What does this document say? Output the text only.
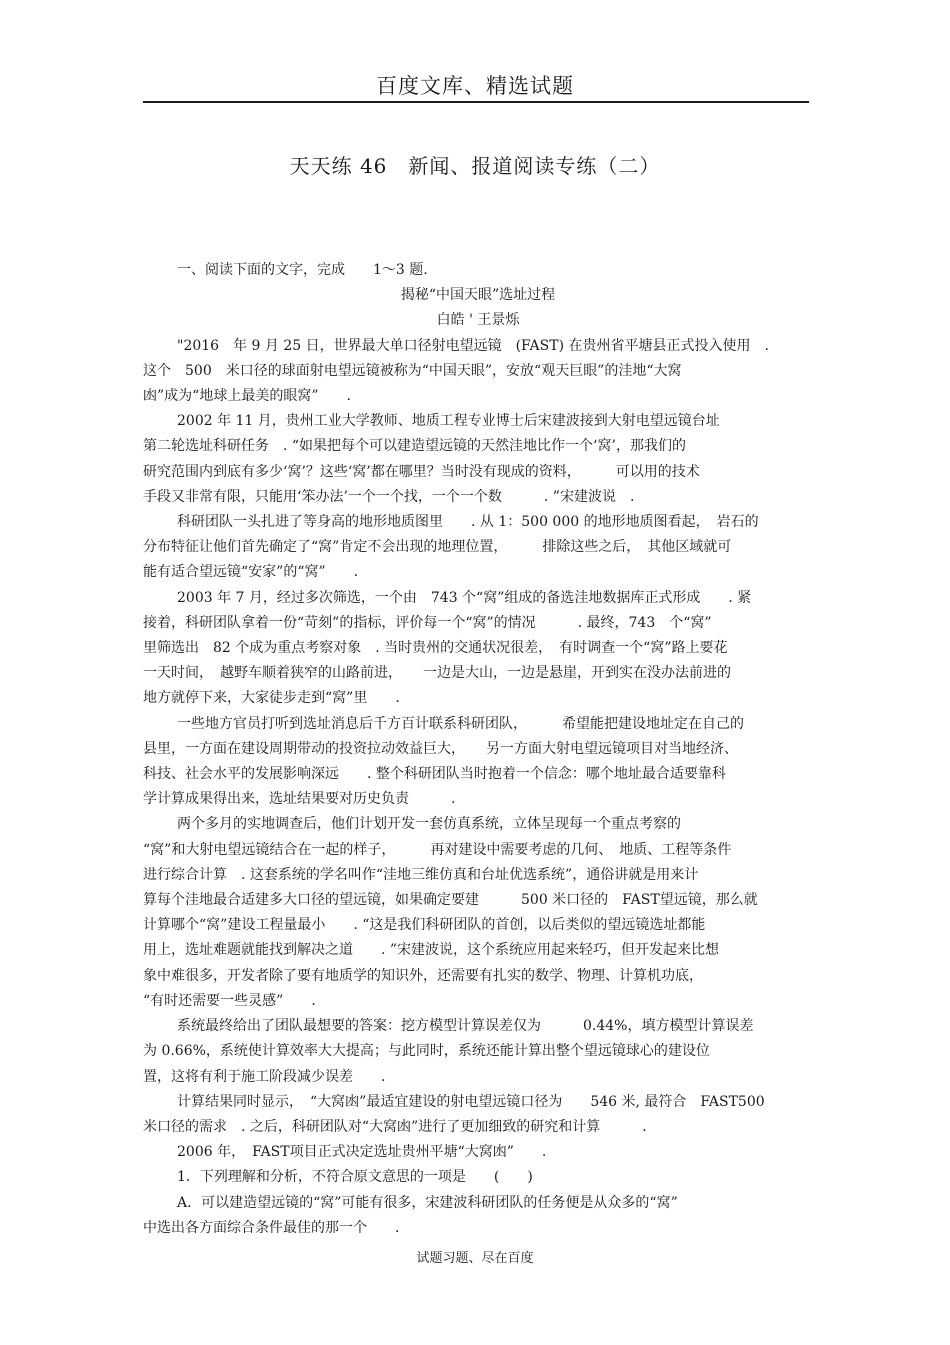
百度文库、精选试题
天天练 46　新闻、报道阅读专练（二）

一、阅读下面的文字，完成　　1～3 题.

揭秘“中国天眼”选址过程

白皓 ' 王景烁

"2016　年 9 月 25 日，世界最大单口径射电望远镜　(FAST) 在贵州省平塘县正式投入使用　.

这个　500　米口径的球面射电望远镜被称为“中国天眼”，安放“观天巨眼”的洼地“大窝

凼”成为“地球上最美的眼窝”　　.

2002 年 11 月，贵州工业大学教师、地质工程专业博士后宋建波接到大射电望远镜台址

第二轮选址科研任务　. “如果把每个可以建造望远镜的天然洼地比作一个‘窝’，那我们的

研究范围内到底有多少‘窝’？这些‘窝’都在哪里？当时没有现成的资料，　　　可以用的技术

手段又非常有限，只能用‘笨办法’一个一个找，一个一个数　　　. ”宋建波说　.

科研团队一头扎进了等身高的地形地质图里　　. 从 1：500 000 的地形地质图看起，　岩石的

分布特征让他们首先确定了“窝”肯定不会出现的地理位置，　　　排除这些之后，　其他区域就可

能有适合望远镜“安家”的“窝”　　.

2003 年 7 月，经过多次筛选，一个由　743 个“窝”组成的备选洼地数据库正式形成　　. 紧

接着，科研团队拿着一份“苛刻”的指标，评价每一个“窝”的情况　　　. 最终，743　个“窝”

里筛选出　82 个成为重点考察对象　. 当时贵州的交通状况很差，　有时调查一个“窝”路上要花

一天时间，　越野车顺着狭窄的山路前进，　　一边是大山，一边是悬崖，开到实在没办法前进的

地方就停下来，大家徒步走到“窝”里　　.

一些地方官员打听到选址消息后千方百计联系科研团队，　　　希望能把建设地址定在自己的

县里，一方面在建设周期带动的投资拉动效益巨大，　　另一方面大射电望远镜项目对当地经济、

科技、社会水平的发展影响深远　　. 整个科研团队当时抱着一个信念：哪个地址最合适要靠科

学计算成果得出来，选址结果要对历史负责　　　.

两个多月的实地调查后，他们计划开发一套仿真系统，立体呈现每一个重点考察的

“窝”和大射电望远镜结合在一起的样子，　　　再对建设中需要考虑的几何、　地质、工程等条件

进行综合计算　. 这套系统的学名叫作“洼地三维仿真和台址优选系统”，通俗讲就是用来计

算每个洼地最合适建多大口径的望远镜，如果确定要建　　　500 米口径的　FAST望远镜，那么就

计算哪个“窝”建设工程量最小　　. “这是我们科研团队的首创，以后类似的望远镜选址都能

用上，选址难题就能找到解决之道　　. ”宋建波说，这个系统应用起来轻巧，但开发起来比想

象中难很多，开发者除了要有地质学的知识外，还需要有扎实的数学、物理、计算机功底，

“有时还需要一些灵感”　　.

系统最终给出了团队最想要的答案：挖方模型计算误差仅为　　　0.44%，填方模型计算误差

为 0.66%，系统使计算效率大大提高；与此同时，系统还能计算出整个望远镜球心的建设位

置，这将有利于施工阶段减少误差　　.

计算结果同时显示，　“大窝凼”最适宜建设的射电望远镜口径为　　546 米, 最符合　FAST500

米口径的需求　. 之后，科研团队对“大窝凼”进行了更加细致的研究和计算　　　.

2006 年，　FAST项目正式决定选址贵州平塘“大窝凼”　　.

1．下列理解和分析，不符合原文意思的一项是　　(　　)

A．可以建造望远镜的“窝”可能有很多，宋建波科研团队的任务便是从众多的“窝”

中选出各方面综合条件最佳的那一个　　.

试题习题、尽在百度
